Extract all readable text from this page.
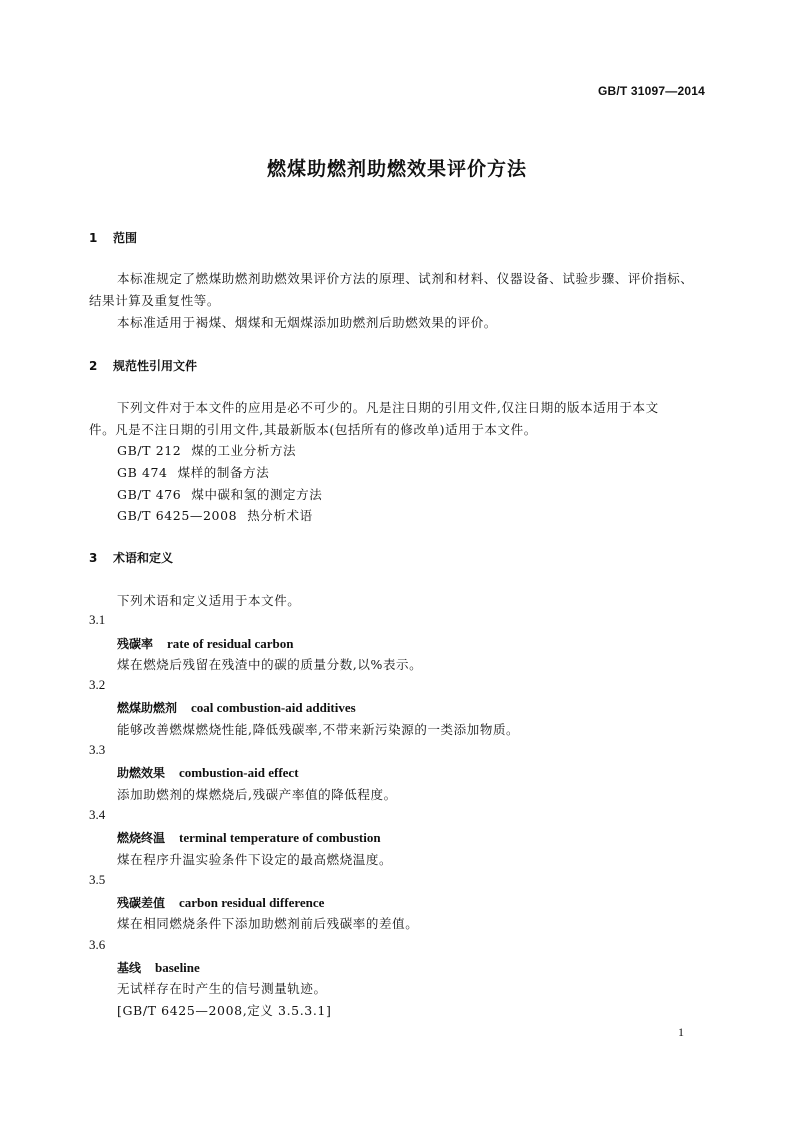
GB/T 31097—2014
燃煤助燃剂助燃效果评价方法
1 范围
本标准规定了燃煤助燃剂助燃效果评价方法的原理、试剂和材料、仪器设备、试验步骤、评价指标、
结果计算及重复性等。
本标准适用于褐煤、烟煤和无烟煤添加助燃剂后助燃效果的评价。
2 规范性引用文件
下列文件对于本文件的应用是必不可少的。凡是注日期的引用文件,仅注日期的版本适用于本文
件。凡是不注日期的引用文件,其最新版本(包括所有的修改单)适用于本文件。
GB/T 212 煤的工业分析方法
GB 474 煤样的制备方法
GB/T 476 煤中碳和氢的测定方法
GB/T 6425—2008 热分析术语
3 术语和定义
下列术语和定义适用于本文件。
3.1
残碳率 rate of residual carbon
煤在燃烧后残留在残渣中的碳的质量分数,以%表示。
3.2
燃煤助燃剂 coal combustion-aid additives
能够改善燃煤燃烧性能,降低残碳率,不带来新污染源的一类添加物质。
3.3
助燃效果 combustion-aid effect
添加助燃剂的煤燃烧后,残碳产率值的降低程度。
3.4
燃烧终温 terminal temperature of combustion
煤在程序升温实验条件下设定的最高燃烧温度。
3.5
残碳差值 carbon residual difference
煤在相同燃烧条件下添加助燃剂前后残碳率的差值。
3.6
基线 baseline
无试样存在时产生的信号测量轨迹。
[GB/T 6425—2008,定义 3.5.3.1]
1
